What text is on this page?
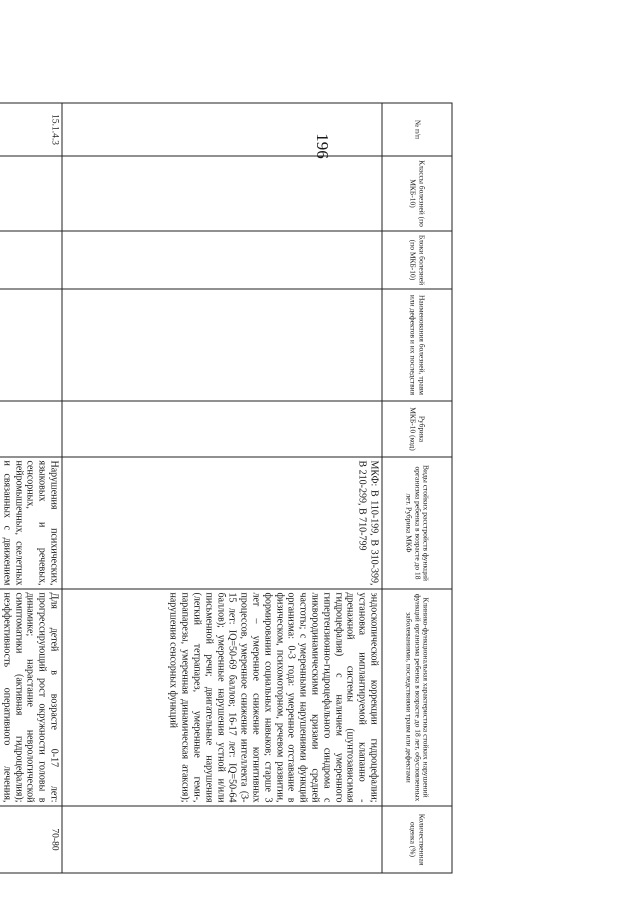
196
№ п/п	Классы болезней (по МКБ-10)	Блоки болезней (по МКБ-10)	Наименования болезней, травм или дефектов и их последствия	Рубрика МКБ-10 (код)	Виды стойких расстройств функций организма ребенка в возрасте до 18 лет. Рубрика МКФ	Клинико-функциональная характеристика стойких нарушений функций организма ребенка в возрасте до 18 лет, обусловленных заболеваниями, последствиями травм или дефектами	Количественная оценка (%)

					МКФ: В 110-199, В 310-399, В 210-299, В 710-799	эндоскопической коррекции гидроцефалии; установка имплантируемой клапанно - дренажной системы (шунтозависимая гидроцефалия) с наличием умеренного гипертензионно-гидроцефального синдрома с ликвородинамическими кризами средней частоты; с умеренными нарушениями функций организма: 0-3 года: умеренное отставание в физическом, психомоторном, речевом развитии, формировании социальных навыков; старше 3 лет – умеренное снижение когнитивных процессов, умеренное снижение интеллекта (3-15 лет: IQ=50-69 баллов; 16-17 лет: IQ=50-64 баллов); умеренные нарушения устной и/или письменной речи; двигательные нарушения (легкий тетрапарез, умеренные геми-, парапарезы, умеренная динамическая атаксия); нарушения сенсорных функций	

15.1.4.3					Нарушения психических, языковых и речевых, сенсорных, нейромышечных, скелетных и связанных с движением	Для детей в возрасте 0-17 лет: прогрессирующий рост окружности головы в динамике; нарастание неврологической симптоматики (активная гидроцефалия); неэффективность оперативного лечения,	70-80
